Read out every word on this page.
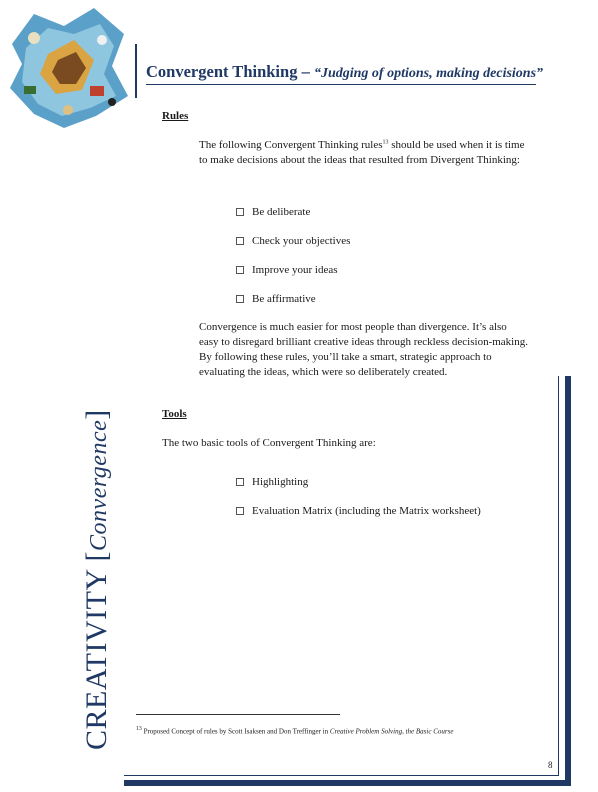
Convergent Thinking – “Judging of options, making decisions”
Rules
The following Convergent Thinking rules$^{13}$ should be used when it is time to make decisions about the ideas that resulted from Divergent Thinking:
Be deliberate
Check your objectives
Improve your ideas
Be affirmative
Convergence is much easier for most people than divergence. It’s also easy to disregard brilliant creative ideas through reckless decision-making. By following these rules, you’ll take a smart, strategic approach to evaluating the ideas, which were so deliberately created.
Tools
The two basic tools of Convergent Thinking are:
Highlighting
Evaluation Matrix (including the Matrix worksheet)
CREATIVITY [Convergence]
$^{13}$ Proposed Concept of rules by Scott Isaksen and Don Treffinger in Creative Problem Solving, the Basic Course
8
